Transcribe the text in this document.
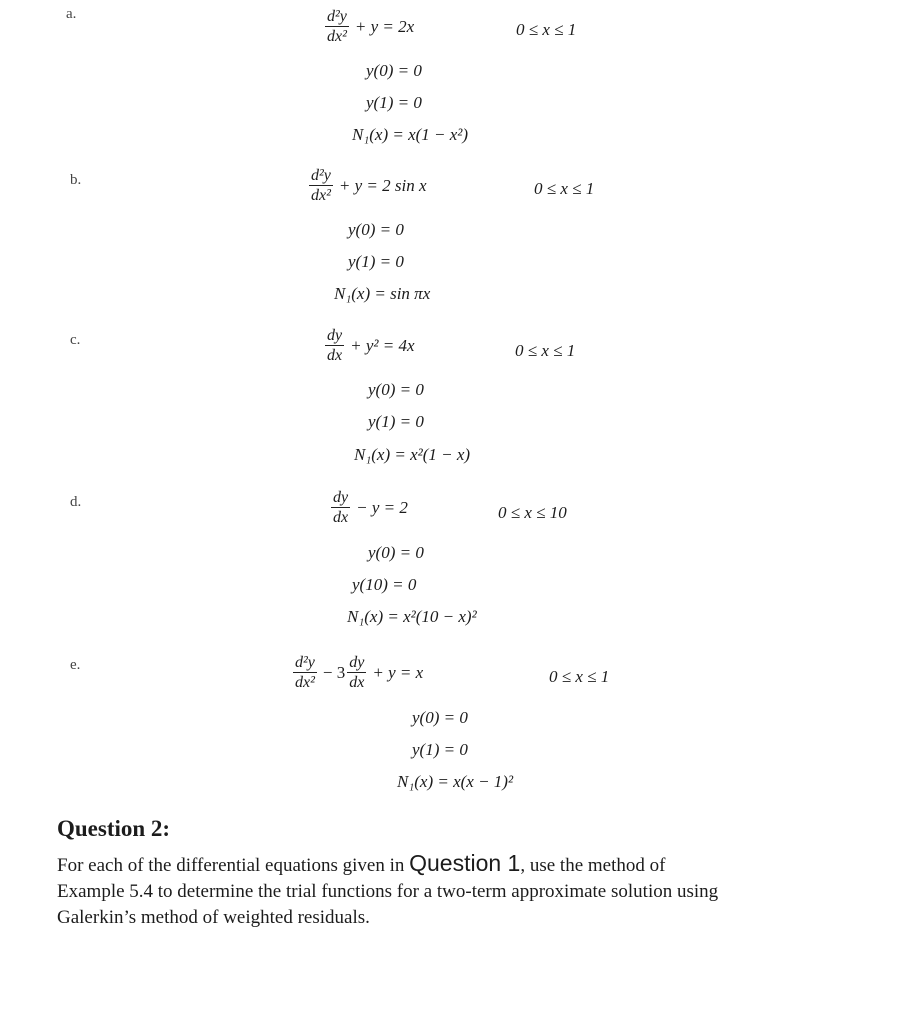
a.	$\frac{\text{d²y}}{\text{dx²}} + y = 2x$	0 ≤ x ≤ 1
y(0) = 0
y(1) = 0
N₁(x) = x(1 − x²)
b.	$\frac{\text{d²y}}{\text{dx²}} + y = 2$ sin x	0 ≤ x ≤ 1
y(0) = 0
y(1) = 0
N₁(x) = sin πx
c.	$\frac{dy}{dx} + y^2 = 4x$	0 ≤ x ≤ 1
y(0) = 0
y(1) = 0
N₁(x) = x²(1 − x)
d.	$\frac{dy}{dx} - y = 2$	0 ≤ x ≤ 10
y(0) = 0
y(10) = 0
N₁(x) = x²(10 − x)²
e.	$\frac{\text{d²y}}{\text{dx²}} - 3 \frac{dy}{dx} + y = x$	0 ≤ x ≤ 1
y(0) = 0
y(1) = 0
N₁(x) = x(x − 1)²
Question 2:
For each of the differential equations given in Question 1, use the method of Example 5.4 to determine the trial functions for a two-term approximate solution using Galerkin’s method of weighted residuals.
